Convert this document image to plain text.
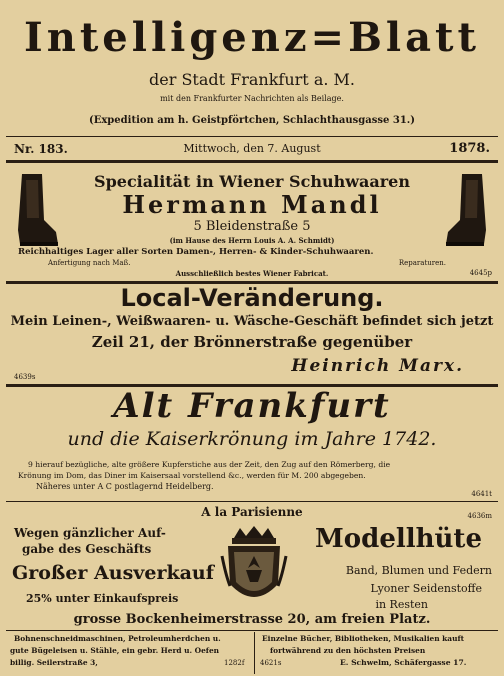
Intelligenz=Blatt
der Stadt Frankfurt a. M.
mit den Frankfurter Nachrichten als Beilage.
(Expedition am h. Geistpförtchen, Schlachthausgasse 31.)
Nr. 183.	Mittwoch, den 7. August	1878.
Specialität in Wiener Schuhwaaren
Hermann Mandl
5 Bleidenstraße 5
(im Hause des Herrn Louis A. A. Schmidt)
Reichhaltiges Lager aller Sorten Damen-, Herren- & Kinder-Schuhwaaren.
Anfertigung nach Maß.	Reparaturen.
Ausschließlich bestes Wiener Fabricat.	4645p
Local-Veränderung.
Mein Leinen-, Weißwaaren- u. Wäsche-Geschäft befindet sich jetzt
Zeil 21, der Brönnerstraße gegenüber
4639s
Heinrich Marx.
Alt Frankfurt
und die Kaiserkrönung im Jahre 1742.
9 hierauf bezügliche, alte größere Kupferstiche aus der Zeit, den Zug auf den Römerberg, die
Krönung im Dom, das Diner im Kaisersaal vorstellend &c., werden für M. 200 abgegeben.
Näheres unter A C postlagernd Heidelberg.
4641t
A la Parisienne	4636m
Wegen gänzlicher Auf-
gabe des Geschäfts
Großer Ausverkauf
25% unter Einkaufspreis
Modellhüte
Band, Blumen und Federn
Lyoner Seidenstoffe
in Resten
grosse Bockenheimerstrasse 20, am freien Platz.
Bohnenschneidmaschinen, Petroleumherdchen u.
gute Bügeleisen u. Stähle, ein gebr. Herd u. Oefen
billig. Seilerstraße 3,	1282f
Einzelne Bücher, Bibliotheken, Musikalien kauft
fortwährend zu den höchsten Preisen
4621s	E. Schwelm, Schäfergasse 17.
